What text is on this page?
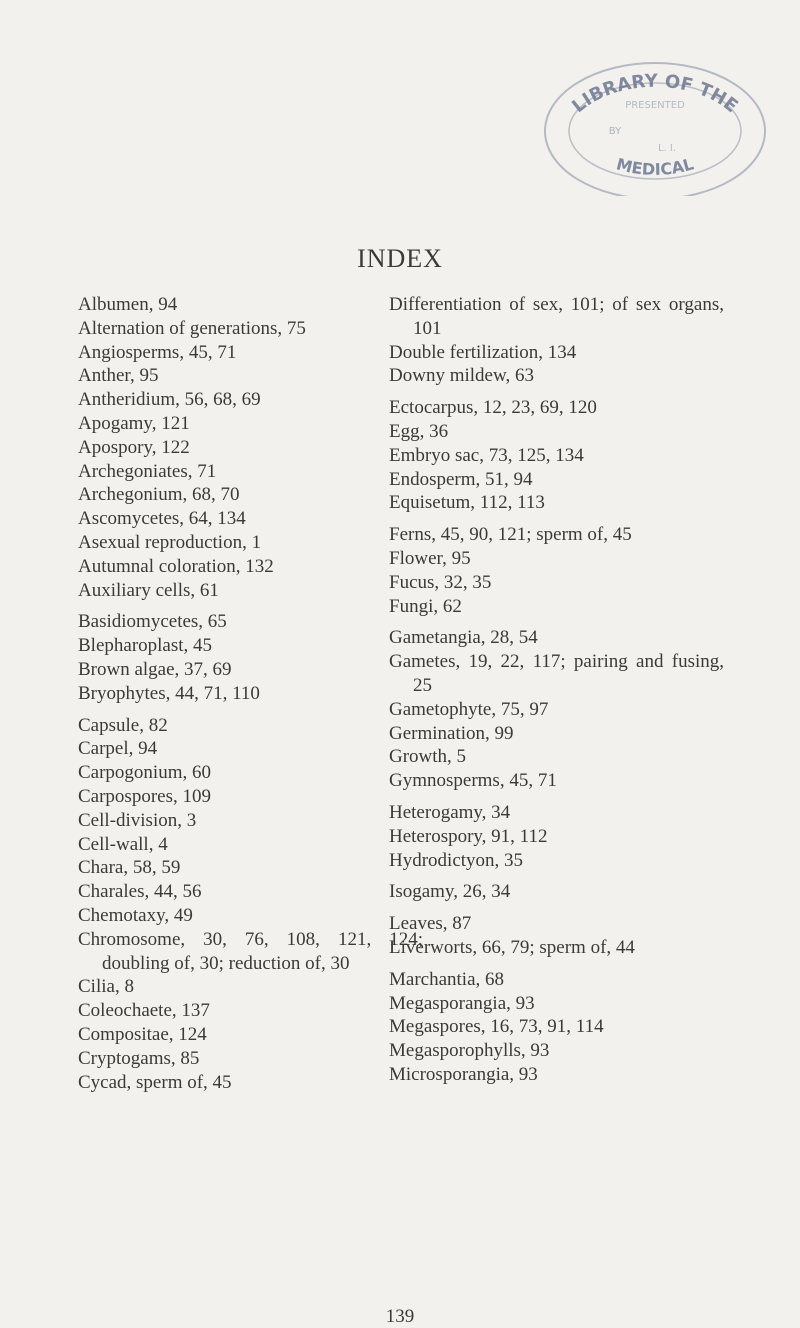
LIBRARY OF THE
MEDICAL
PRESENTED
BY
L. I.
INDEX
Albumen, 94
Alternation of generations, 75
Angiosperms, 45, 71
Anther, 95
Antheridium, 56, 68, 69
Apogamy, 121
Apospory, 122
Archegoniates, 71
Archegonium, 68, 70
Ascomycetes, 64, 134
Asexual reproduction, 1
Autumnal coloration, 132
Auxiliary cells, 61
Basidiomycetes, 65
Blepharoplast, 45
Brown algae, 37, 69
Bryophytes, 44, 71, 110
Capsule, 82
Carpel, 94
Carpogonium, 60
Carpospores, 109
Cell-division, 3
Cell-wall, 4
Chara, 58, 59
Charales, 44, 56
Chemotaxy, 49
Chromosome, 30, 76, 108, 121, 124; doubling of, 30; reduction of, 30
Cilia, 8
Coleochaete, 137
Compositae, 124
Cryptogams, 85
Cycad, sperm of, 45
Differentiation of sex, 101; of sex organs, 101
Double fertilization, 134
Downy mildew, 63
Ectocarpus, 12, 23, 69, 120
Egg, 36
Embryo sac, 73, 125, 134
Endosperm, 51, 94
Equisetum, 112, 113
Ferns, 45, 90, 121; sperm of, 45
Flower, 95
Fucus, 32, 35
Fungi, 62
Gametangia, 28, 54
Gametes, 19, 22, 117; pairing and fusing, 25
Gametophyte, 75, 97
Germination, 99
Growth, 5
Gymnosperms, 45, 71
Heterogamy, 34
Heterospory, 91, 112
Hydrodictyon, 35
Isogamy, 26, 34
Leaves, 87
Liverworts, 66, 79; sperm of, 44
Marchantia, 68
Megasporangia, 93
Megaspores, 16, 73, 91, 114
Megasporophylls, 93
Microsporangia, 93
139
